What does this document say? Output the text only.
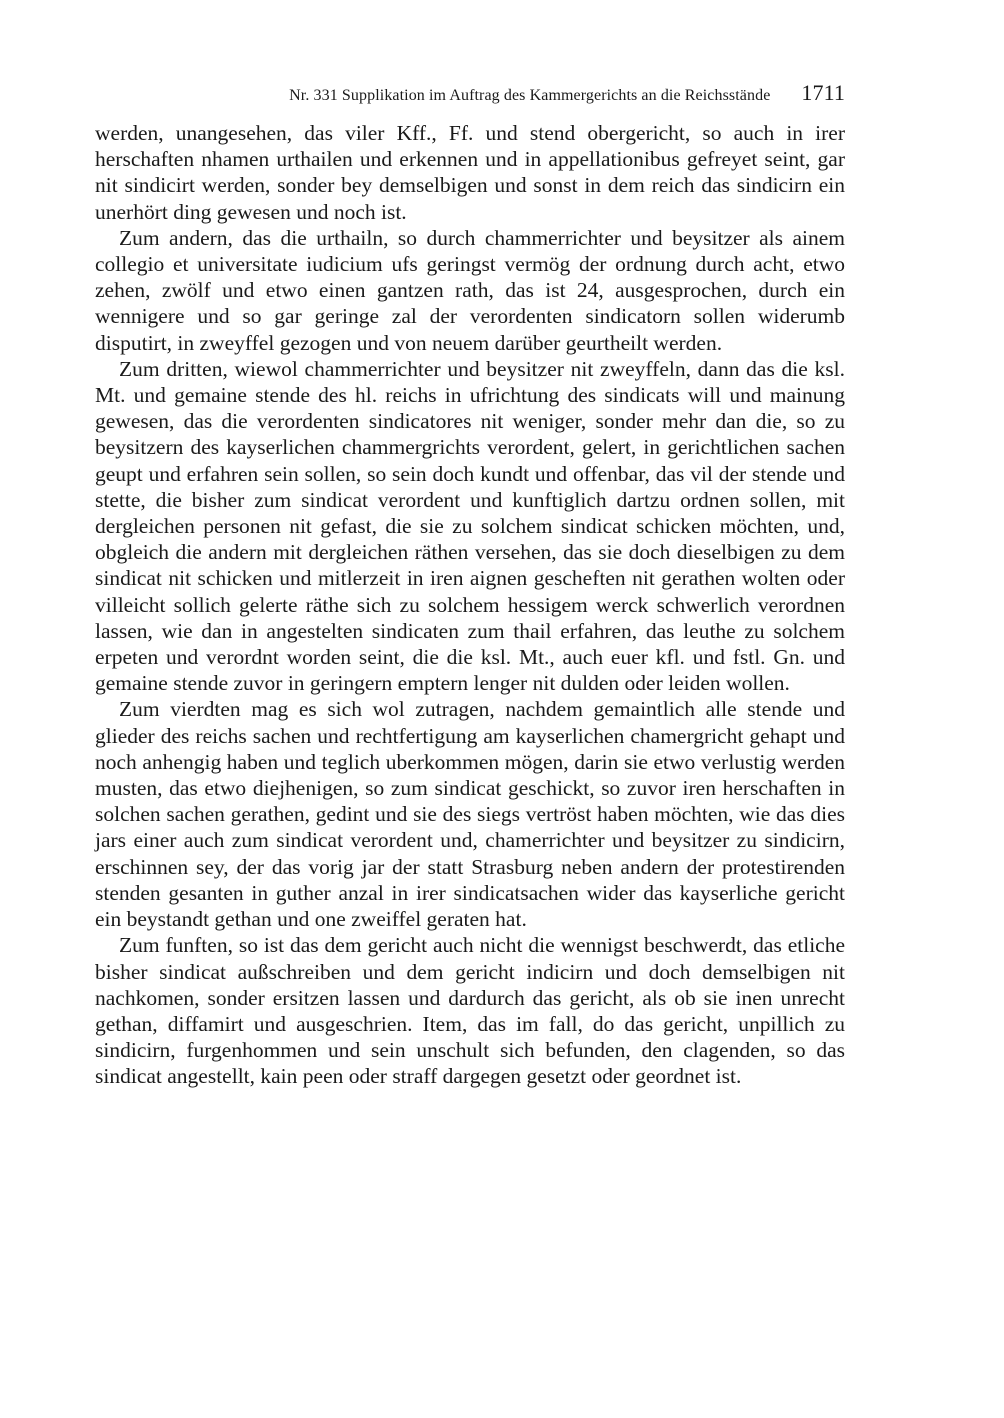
Nr. 331 Supplikation im Auftrag des Kammergerichts an die Reichsstände 1711

werden, unangesehen, das viler Kff., Ff. und stend obergericht, so auch in irer herschaften nhamen urthailen und erkennen und in appellationibus gefreyet seint, gar nit sindicirt werden, sonder bey demselbigen und sonst in dem reich das sindicirn ein unerhört ding gewesen und noch ist.

Zum andern, das die urthailn, so durch chammerrichter und beysitzer als ainem collegio et universitate iudicium ufs geringst vermög der ordnung durch acht, etwo zehen, zwölf und etwo einen gantzen rath, das ist 24, ausgesprochen, durch ein wennigere und so gar geringe zal der verordenten sindicatorn sollen widerumb disputirt, in zweyffel gezogen und von neuem darüber geurtheilt werden.

Zum dritten, wiewol chammerrichter und beysitzer nit zweyffeln, dann das die ksl. Mt. und gemaine stende des hl. reichs in ufrichtung des sindicats will und mainung gewesen, das die verordenten sindicatores nit weniger, sonder mehr dan die, so zu beysitzern des kayserlichen chammergrichts verordent, gelert, in gerichtlichen sachen geupt und erfahren sein sollen, so sein doch kundt und offenbar, das vil der stende und stette, die bisher zum sindicat verordent und kunftiglich dartzu ordnen sollen, mit dergleichen personen nit gefast, die sie zu solchem sindicat schicken möchten, und, obgleich die andern mit dergleichen räthen versehen, das sie doch dieselbigen zu dem sindicat nit schicken und mitlerzeit in iren aignen gescheften nit gerathen wolten oder villeicht sollich gelerte räthe sich zu solchem hessigem werck schwerlich verordnen lassen, wie dan in angestelten sindicaten zum thail erfahren, das leuthe zu solchem erpeten und verordnt worden seint, die die ksl. Mt., auch euer kfl. und fstl. Gn. und gemaine stende zuvor in geringern emptern lenger nit dulden oder leiden wollen.

Zum vierdten mag es sich wol zutragen, nachdem gemaintlich alle stende und glieder des reichs sachen und rechtfertigung am kayserlichen chamergricht gehapt und noch anhengig haben und teglich uberkommen mögen, darin sie etwo verlustig werden musten, das etwo diejhenigen, so zum sindicat geschickt, so zuvor iren herschaften in solchen sachen gerathen, gedint und sie des siegs vertröst haben möchten, wie das dies jars einer auch zum sindicat verordent und, chamerrichter und beysitzer zu sindicirn, erschinnen sey, der das vorig jar der statt Strasburg neben andern der protestirenden stenden gesanten in guther anzal in irer sindicatsachen wider das kayserliche gericht ein beystandt gethan und one zweiffel geraten hat.

Zum funften, so ist das dem gericht auch nicht die wennigst beschwerdt, das etliche bisher sindicat außschreiben und dem gericht indicirn und doch demselbigen nit nachkomen, sonder ersitzen lassen und dardurch das gericht, als ob sie inen unrecht gethan, diffamirt und ausgeschrien. Item, das im fall, do das gericht, unpillich zu sindicirn, furgenhommen und sein unschult sich befunden, den clagenden, so das sindicat angestellt, kain peen oder straff dargegen gesetzt oder geordnet ist.
